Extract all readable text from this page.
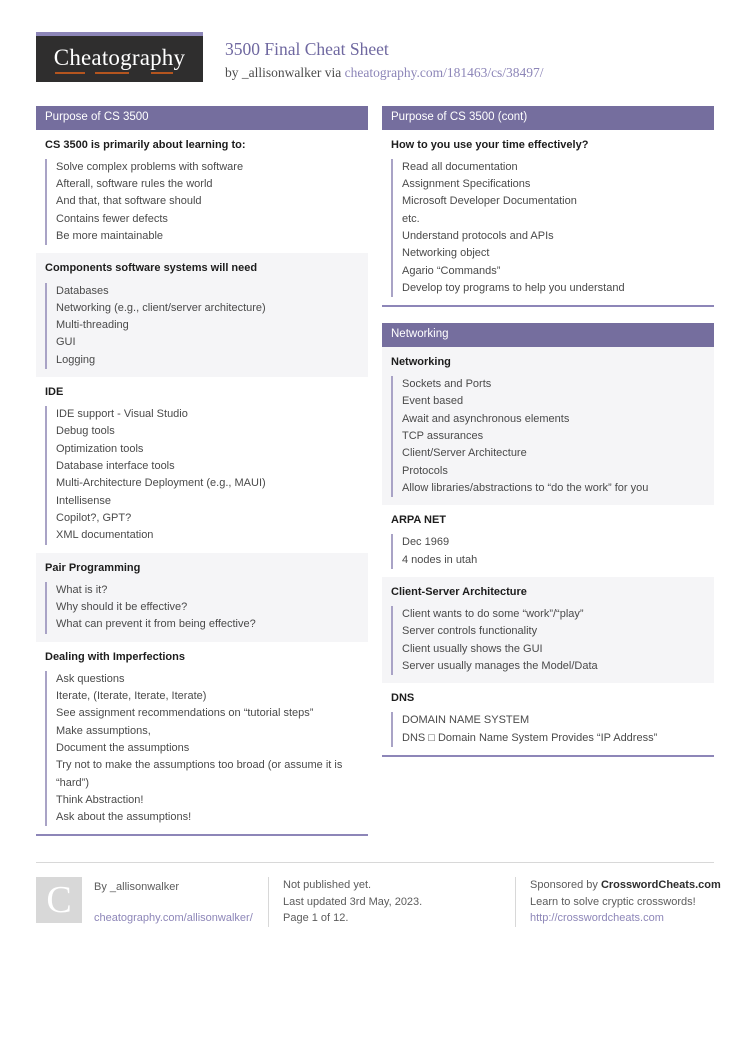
Cheatography 3500 Final Cheat Sheet
by _allisonwalker via cheatography.com/181463/cs/38497/
Purpose of CS 3500
CS 3500 is primarily about learning to:
Solve complex problems with software
Afterall, software rules the world
And that, that software should
Contains fewer defects
Be more maintainable
Components software systems will need
Databases
Networking (e.g., client/server architecture)
Multi-threading
GUI
Logging
IDE
IDE support - Visual Studio
Debug tools
Optimization tools
Database interface tools
Multi-Architecture Deployment (e.g., MAUI)
Intellisense
Copilot?, GPT?
XML documentation
Pair Programming
What is it?
Why should it be effective?
What can prevent it from being effective?
Dealing with Imperfections
Ask questions
Iterate, (Iterate, Iterate, Iterate)
See assignment recommendations on “tutorial steps”
Make assumptions,
Document the assumptions
Try not to make the assumptions too broad (or assume it is “hard”)
Think Abstraction!
Ask about the assumptions!
Purpose of CS 3500 (cont)
How to you use your time effectively?
Read all documentation
Assignment Specifications
Microsoft Developer Documentation
etc.
Understand protocols and APIs
Networking object
Agario “Commands”
Develop toy programs to help you understand
Networking
Networking
Sockets and Ports
Event based
Await and asynchronous elements
TCP assurances
Client/Server Architecture
Protocols
Allow libraries/abstractions to “do the work” for you
ARPA NET
Dec 1969
4 nodes in utah
Client-Server Architecture
Client wants to do some “work”/“play”
Server controls functionality
Client usually shows the GUI
Server usually manages the Model/Data
DNS
DOMAIN NAME SYSTEM
DNS □ Domain Name System Provides “IP Address”
C	By _allisonwalker
cheatography.com/allisonwalker/
Not published yet.
Last updated 3rd May, 2023.
Page 1 of 12.
Sponsored by CrosswordCheats.com
Learn to solve cryptic crosswords!
http://crosswordcheats.com
